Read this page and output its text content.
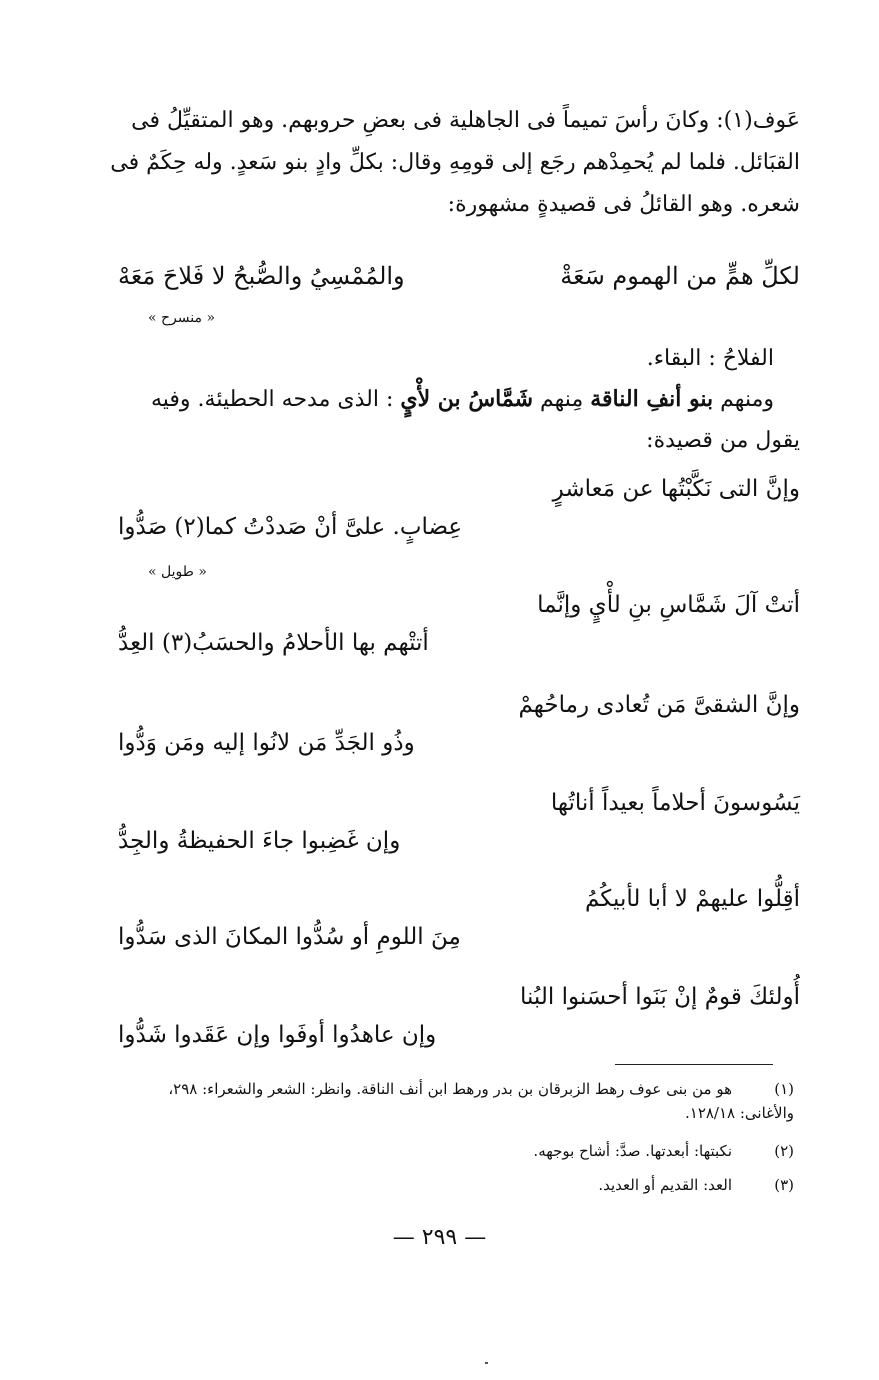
عَوف(١): وكانَ رأسَ تميماً فى الجاهلية فى بعضِ حروبهم. وهو المتقيِّلُ فى
القبَائل. فلما لم يُحمِدْهم رجَع إلى قومِهِ وقال: بكلِّ وادٍ بنو سَعدٍ. وله حِكَمٌ فى
شعره. وهو القائلُ فى قصيدةٍ مشهورة:
لكلِّ همٍّ من الهموم سَعَةْ
والمُمْسِيُ والصُّبحُ لا فَلاحَ مَعَهْ
« منسرح »
الفلاحُ : البقاء.
ومنهم بنو أنفِ الناقة مِنهم شَمَّاسُ بن لأْيٍ : الذى مدحه الحطيئة. وفيه
يقول من قصيدة:
وإنَّ التى نَكَّبْتُها عن مَعاشرٍ
عِضابٍ. علىَّ أنْ صَددْتُ كما(٢) صَدُّوا
« طويل »
أتتْ آلَ شَمَّاسِ بنِ لأْيٍ وإنَّما
أتتْهم بها الأحلامُ والحسَبُ(٣) العِدُّ
وإنَّ الشقىَّ مَن تُعادى رماحُهمْ
وذُو الجَدِّ مَن لانُوا إليه ومَن وَدُّوا
يَسُوسونَ أحلاماً بعيداً أناتُها
وإن غَضِبوا جاءَ الحفيظةُ والجِدُّ
أقِلُّوا عليهمْ لا أبا لأبيكُمُ
مِنَ اللومِ أو سُدُّوا المكانَ الذى سَدُّوا
أُولئكَ قومٌ إنْ بَنَوا أحسَنوا البُنا
وإن عاهدُوا أوفَوا وإن عَقَدوا شَدُّوا
(١)
هو من بنى عوف رهط الزبرقان بن بدر ورهط ابن أنف الناقة. وانظر: الشعر والشعراء: ٢٩٨،
والأغانى: ١٢٨/١٨.
(٢)
نكبتها: أبعدتها. صدَّ: أشاح بوجهه.
(٣)
العد: القديم أو العديد.
— ٢٩٩ —
